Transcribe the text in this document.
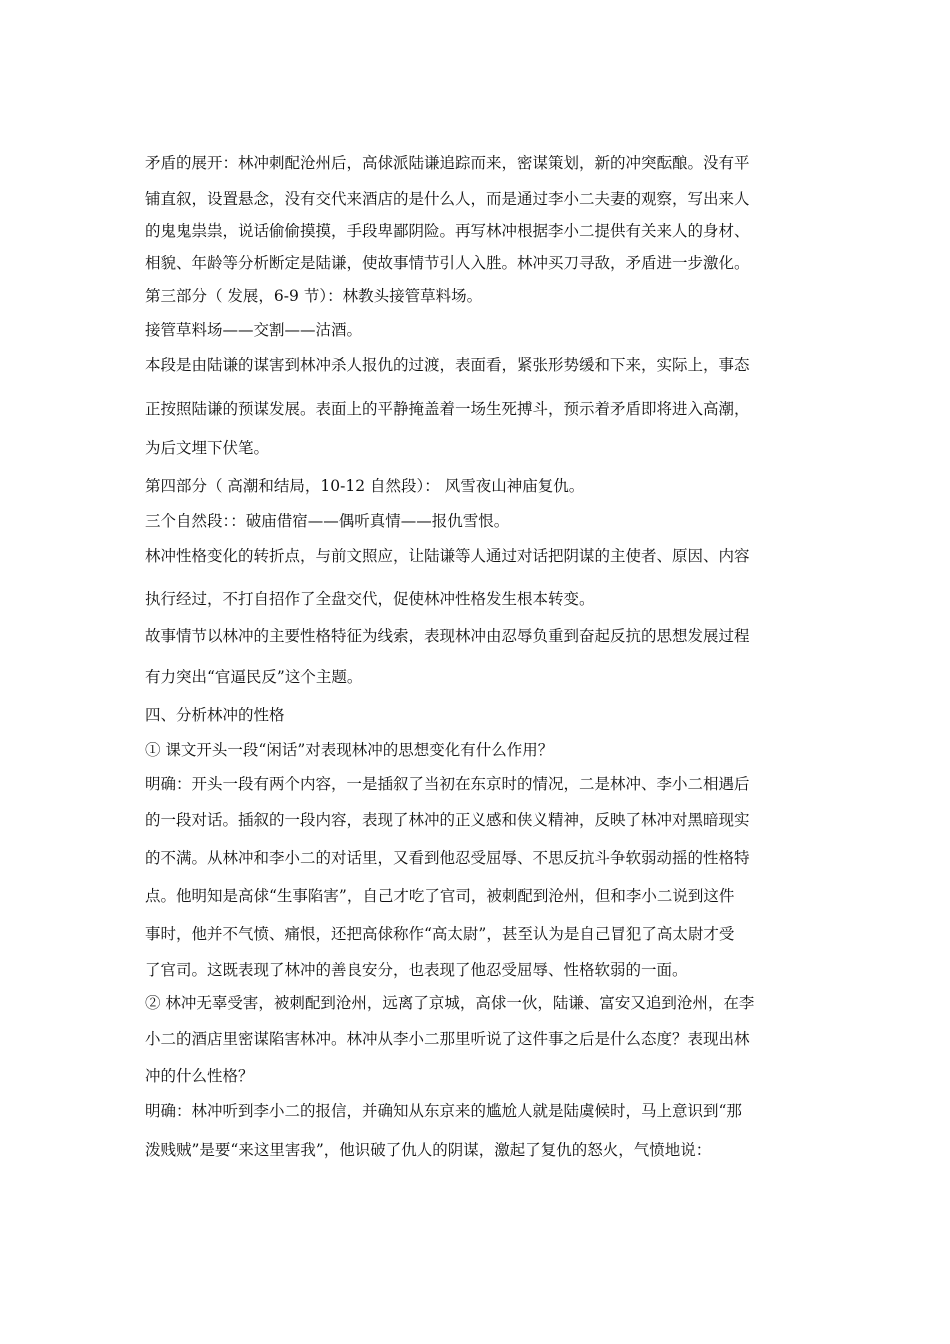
矛盾的展开：林冲刺配沧州后，高俅派陆谦追踪而来，密谋策划，新的冲突酝酿。没有平
铺直叙，设置悬念，没有交代来酒店的是什么人，而是通过李小二夫妻的观察，写出来人
的鬼鬼祟祟，说话偷偷摸摸，手段卑鄙阴险。再写林冲根据李小二提供有关来人的身材、
相貌、年龄等分析断定是陆谦，使故事情节引人入胜。林冲买刀寻敌，矛盾进一步激化。
第三部分（ 发展，6-9 节）：林教头接管草料场。
接管草料场——交割——沽酒。
本段是由陆谦的谋害到林冲杀人报仇的过渡，表面看，紧张形势缓和下来，实际上，事态
正按照陆谦的预谋发展。表面上的平静掩盖着一场生死搏斗，预示着矛盾即将进入高潮，
为后文埋下伏笔。
第四部分（ 高潮和结局，10-12 自然段）： 风雪夜山神庙复仇。
三个自然段：：破庙借宿——偶听真情——报仇雪恨。
林冲性格变化的转折点，与前文照应，让陆谦等人通过对话把阴谋的主使者、原因、内容
执行经过，不打自招作了全盘交代，促使林冲性格发生根本转变。
故事情节以林冲的主要性格特征为线索，表现林冲由忍辱负重到奋起反抗的思想发展过程
有力突出“官逼民反”这个主题。
四、分析林冲的性格
① 课文开头一段“闲话”对表现林冲的思想变化有什么作用？
明确：开头一段有两个内容，一是插叙了当初在东京时的情况，二是林冲、李小二相遇后
的一段对话。插叙的一段内容，表现了林冲的正义感和侠义精神，反映了林冲对黑暗现实
的不满。从林冲和李小二的对话里，又看到他忍受屈辱、不思反抗斗争软弱动摇的性格特
点。他明知是高俅“生事陷害”，自己才吃了官司，被刺配到沧州，但和李小二说到这件
事时，他并不气愤、痛恨，还把高俅称作“高太尉”，甚至认为是自己冒犯了高太尉才受
了官司。这既表现了林冲的善良安分，也表现了他忍受屈辱、性格软弱的一面。
② 林冲无辜受害，被刺配到沧州，远离了京城，高俅一伙，陆谦、富安又追到沧州，在李
小二的酒店里密谋陷害林冲。林冲从李小二那里听说了这件事之后是什么态度？表现出林
冲的什么性格？
明确：林冲听到李小二的报信，并确知从东京来的尴尬人就是陆虞候时，马上意识到“那
泼贱贼”是要“来这里害我”，他识破了仇人的阴谋，激起了复仇的怒火，气愤地说：
